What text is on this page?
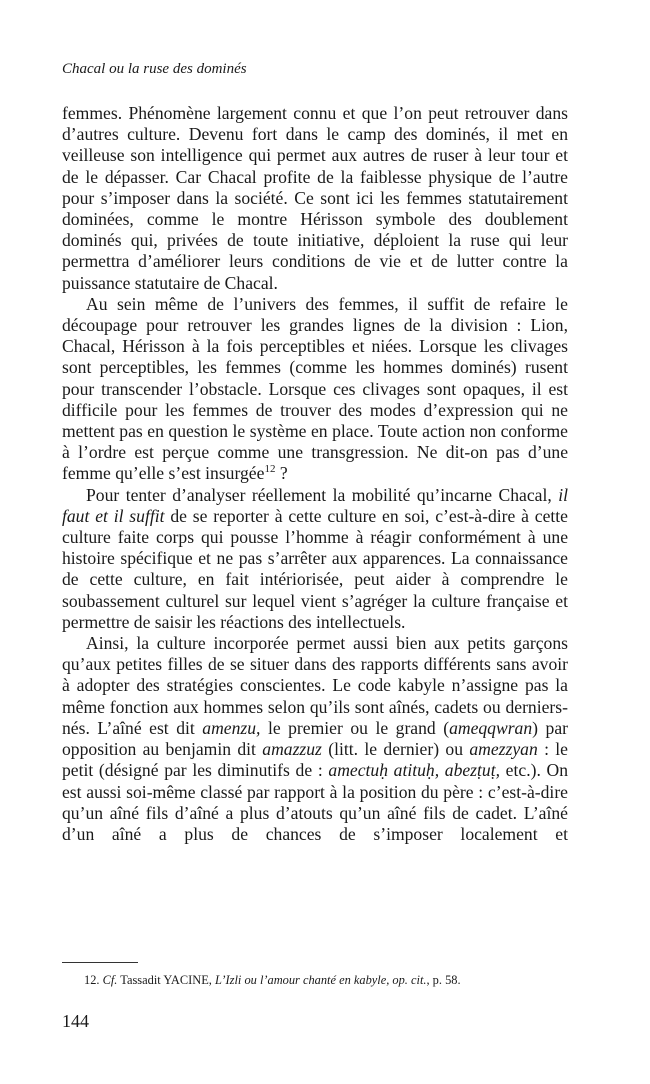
Chacal ou la ruse des dominés

femmes. Phénomène largement connu et que l’on peut retrouver dans d’autres culture. Devenu fort dans le camp des dominés, il met en veilleuse son intelligence qui permet aux autres de ruser à leur tour et de le dépasser. Car Chacal profite de la faiblesse physique de l’autre pour s’imposer dans la société. Ce sont ici les femmes statutairement dominées, comme le montre Hérisson symbole des doublement dominés qui, privées de toute initiative, déploient la ruse qui leur permettra d’améliorer leurs conditions de vie et de lutter contre la puissance statutaire de Chacal.

Au sein même de l’univers des femmes, il suffit de refaire le découpage pour retrouver les grandes lignes de la division : Lion, Chacal, Hérisson à la fois perceptibles et niées. Lorsque les clivages sont perceptibles, les femmes (comme les hommes dominés) rusent pour transcender l’obstacle. Lorsque ces clivages sont opaques, il est difficile pour les femmes de trouver des modes d’expression qui ne mettent pas en question le système en place. Toute action non conforme à l’ordre est perçue comme une transgression. Ne dit-on pas d’une femme qu’elle s’est insurgée$^{12}$ ?

Pour tenter d’analyser réellement la mobilité qu’incarne Chacal, il faut et il suffit de se reporter à cette culture en soi, c’est-à-dire à cette culture faite corps qui pousse l’homme à réagir conformément à une histoire spécifique et ne pas s’arrêter aux apparences. La connaissance de cette culture, en fait intériorisée, peut aider à comprendre le soubassement culturel sur lequel vient s’agréger la culture française et permettre de saisir les réactions des intellectuels.

Ainsi, la culture incorporée permet aussi bien aux petits garçons qu’aux petites filles de se situer dans des rapports différents sans avoir à adopter des stratégies conscientes. Le code kabyle n’assigne pas la même fonction aux hommes selon qu’ils sont aînés, cadets ou derniers-nés. L’aîné est dit amenzu, le premier ou le grand (ameqqwran) par opposition au benjamin dit amazzuz (litt. le dernier) ou amezzyan : le petit (désigné par les diminutifs de : amectuḥ atituḥ, abezṭuṭ, etc.). On est aussi soi-même classé par rapport à la position du père : c’est-à-dire qu’un aîné fils d’aîné a plus d’atouts qu’un aîné fils de cadet. L’aîné d’un aîné a plus de chances de s’imposer localement et

12. Cf. Tassadit YACINE, L’Izli ou l’amour chanté en kabyle, op. cit., p. 58.
144
